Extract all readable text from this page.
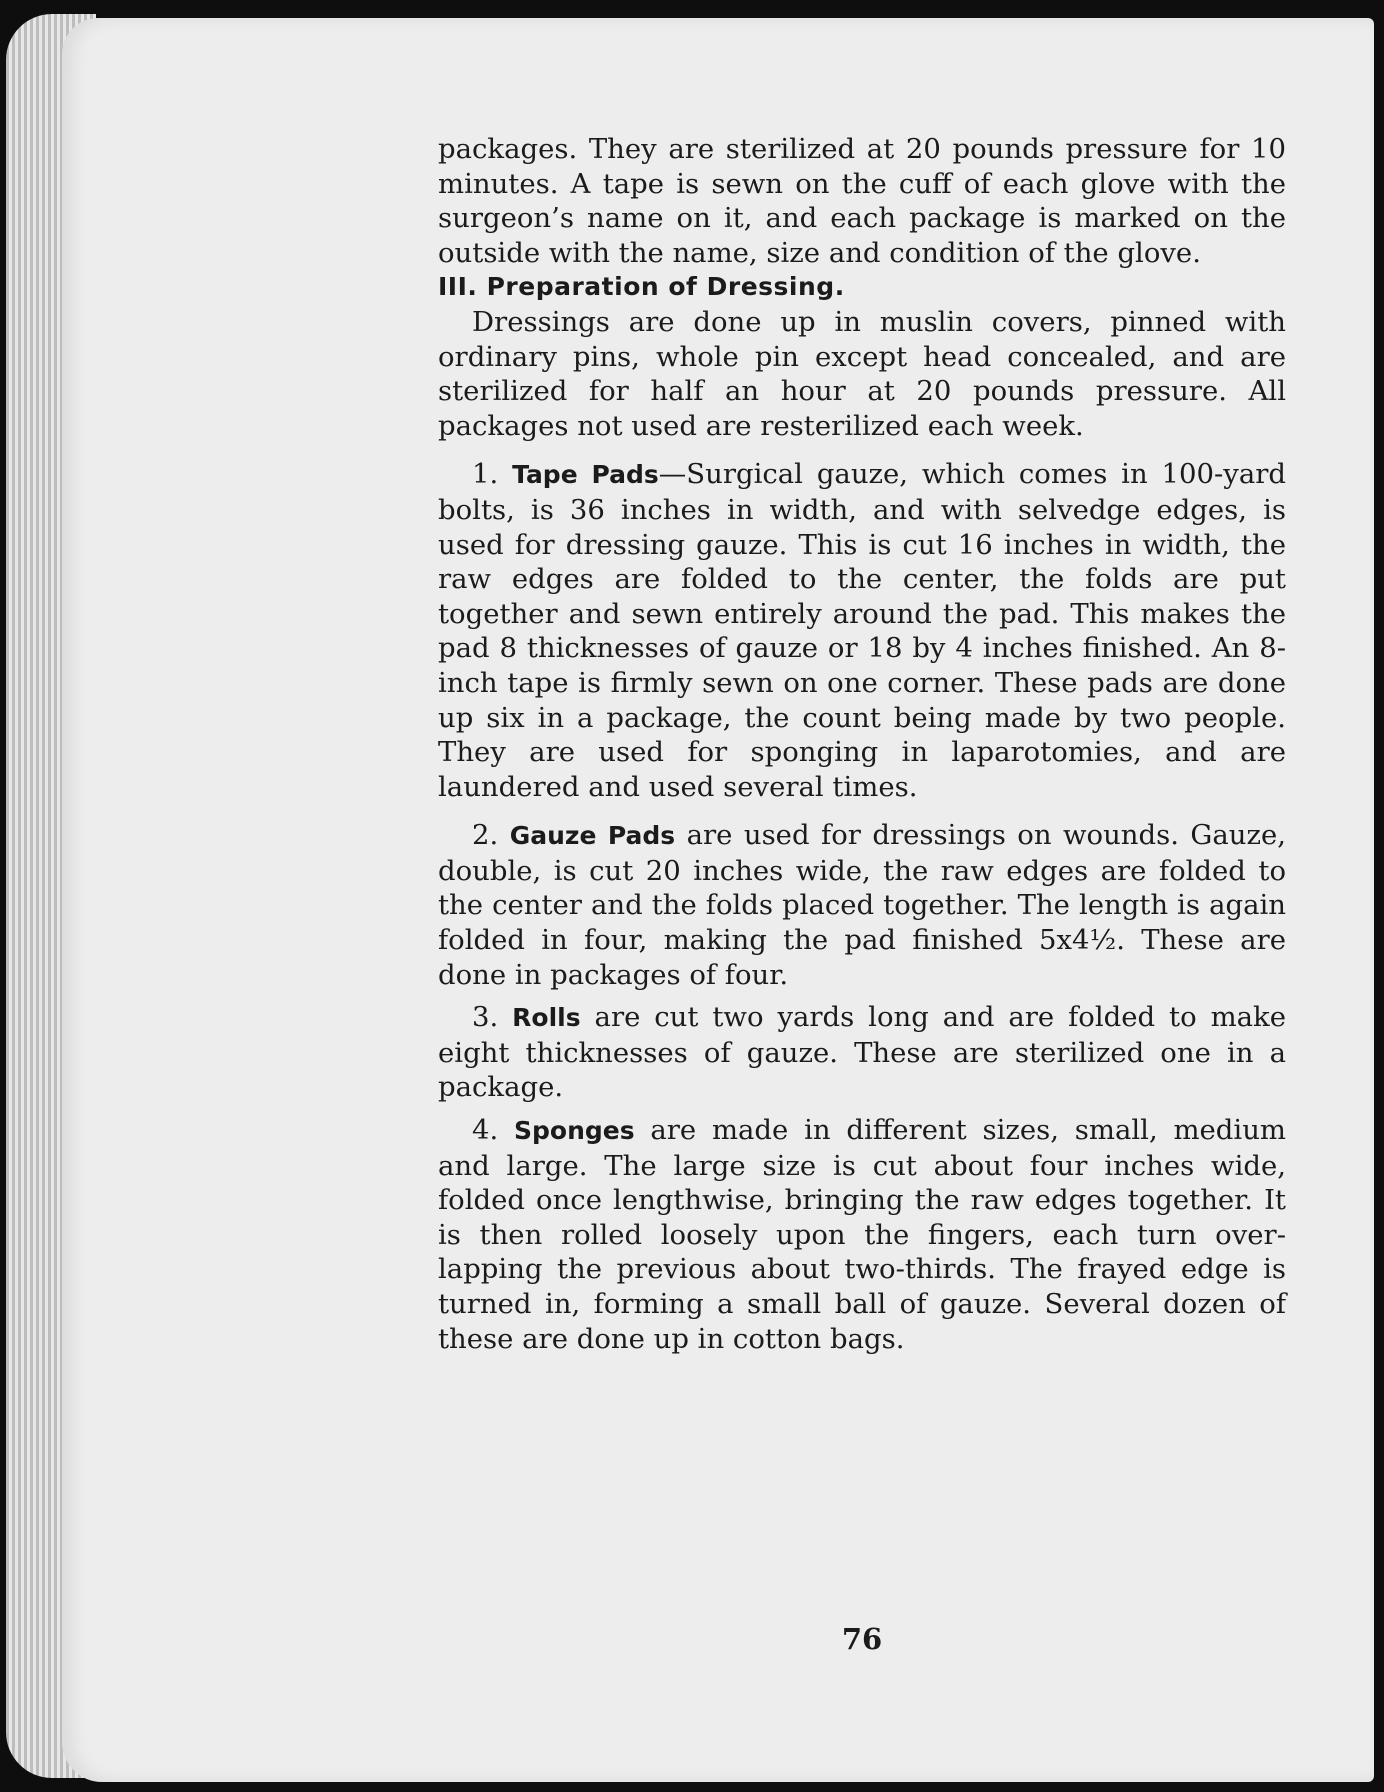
packages. They are sterilized at 20 pounds pressure for 10 minutes. A tape is sewn on the cuff of each glove with the surgeon’s name on it, and each package is marked on the outside with the name, size and condition of the glove.

III. Preparation of Dressing.

Dressings are done up in muslin covers, pinned with ordinary pins, whole pin except head concealed, and are sterilized for half an hour at 20 pounds pressure. All packages not used are resterilized each week.

1. Tape Pads—Surgical gauze, which comes in 100-yard bolts, is 36 inches in width, and with selvedge edges, is used for dressing gauze. This is cut 16 inches in width, the raw edges are folded to the center, the folds are put together and sewn entirely around the pad. This makes the pad 8 thicknesses of gauze or 18 by 4 inches finished. An 8-inch tape is firmly sewn on one corner. These pads are done up six in a package, the count being made by two people. They are used for sponging in laparotomies, and are laundered and used several times.

2. Gauze Pads are used for dressings on wounds. Gauze, double, is cut 20 inches wide, the raw edges are folded to the center and the folds placed together. The length is again folded in four, making the pad finished 5x4½. These are done in packages of four.

3. Rolls are cut two yards long and are folded to make eight thicknesses of gauze. These are sterilized one in a package.

4. Sponges are made in different sizes, small, medium and large. The large size is cut about four inches wide, folded once lengthwise, bringing the raw edges together. It is then rolled loosely upon the fingers, each turn over-lapping the previous about two-thirds. The frayed edge is turned in, forming a small ball of gauze. Several dozen of these are done up in cotton bags.

76
